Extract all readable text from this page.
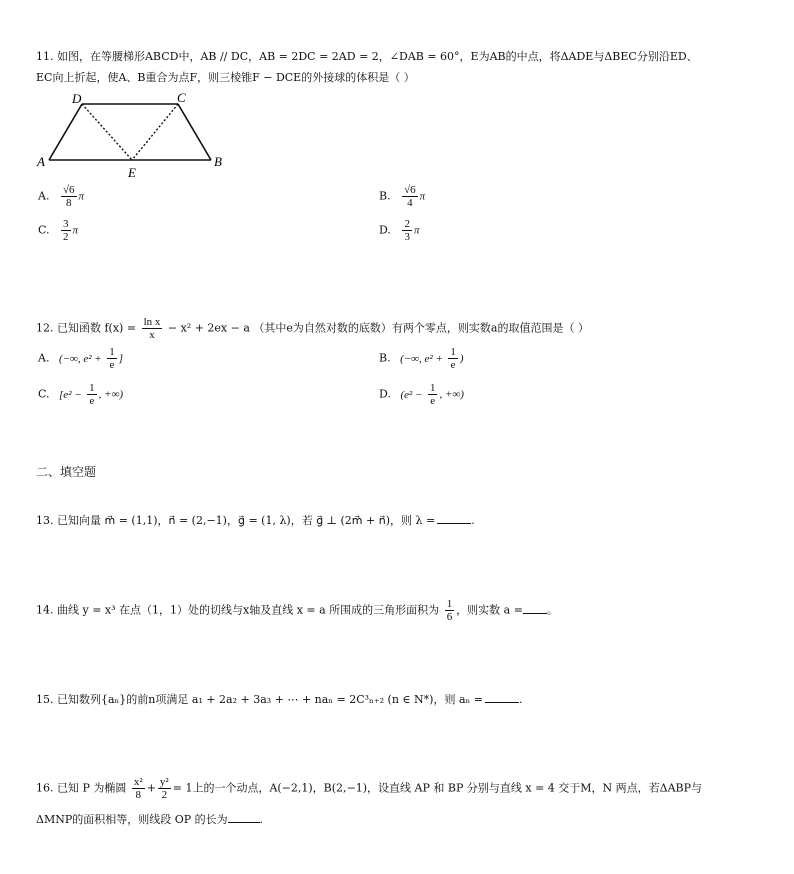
11. 如图，在等腰梯形ABCD中，AB // DC，AB = 2DC = 2AD = 2，∠DAB = 60°，E为AB的中点，将ΔADE与ΔBEC分别沿ED、
EC向上折起，使A、B重合为点F，则三棱锥F − DCE的外接球的体积是（ ）
D	C
A	B
E
A. $\frac{√6}{8}$ π	B. $\frac{√6}{4}$ π
C. $\frac{3}{2}$ π	D. $\frac{2}{3}$ π
12. 已知函数 $f(x) = \frac{\text{ln x}}{x} - x^2 + 2ex - a$ （其中e为自然对数的底数）有两个零点，则实数a的取值范围是（ ）
A. (−∞, $e^2 + \frac{1}{e}$ ]	B. (−∞, $e^2 + \frac{1}{e}$ )
C. [$e^2 - \frac{1}{e}$ , +∞)	D. ($e^2 - \frac{1}{e}$ , +∞)
二、填空题
13. 已知向量 m⃗ = (1,1)，n⃗ = (2,−1)，g⃗ = (1, λ)，若 g⃗ ⊥ (2m⃗ + n⃗)，则 λ =	.
14. 曲线 y = x³ 在点（1，1）处的切线与x轴及直线 x = a 所围成的三角形面积为 $\frac{1}{6}$ ，则实数 a = 。
15. 已知数列{aₙ}的前n项满足 a₁ + 2a₂ + 3a₃ + ⋯ + naₙ = 2C³ₙ₊₂ (n ∈ N*)，则 aₙ =	.
16. 已知 P 为椭圆 $\frac{\text{x²}}{8} + \frac{\text{y²}}{2} = 1$上的一个动点，A(−2,1)，B(2,−1)，设直线 AP 和 BP 分别与直线 x = 4 交于M，N 两点，若ΔABP与
ΔMNP的面积相等，则线段 OP 的长为	.
